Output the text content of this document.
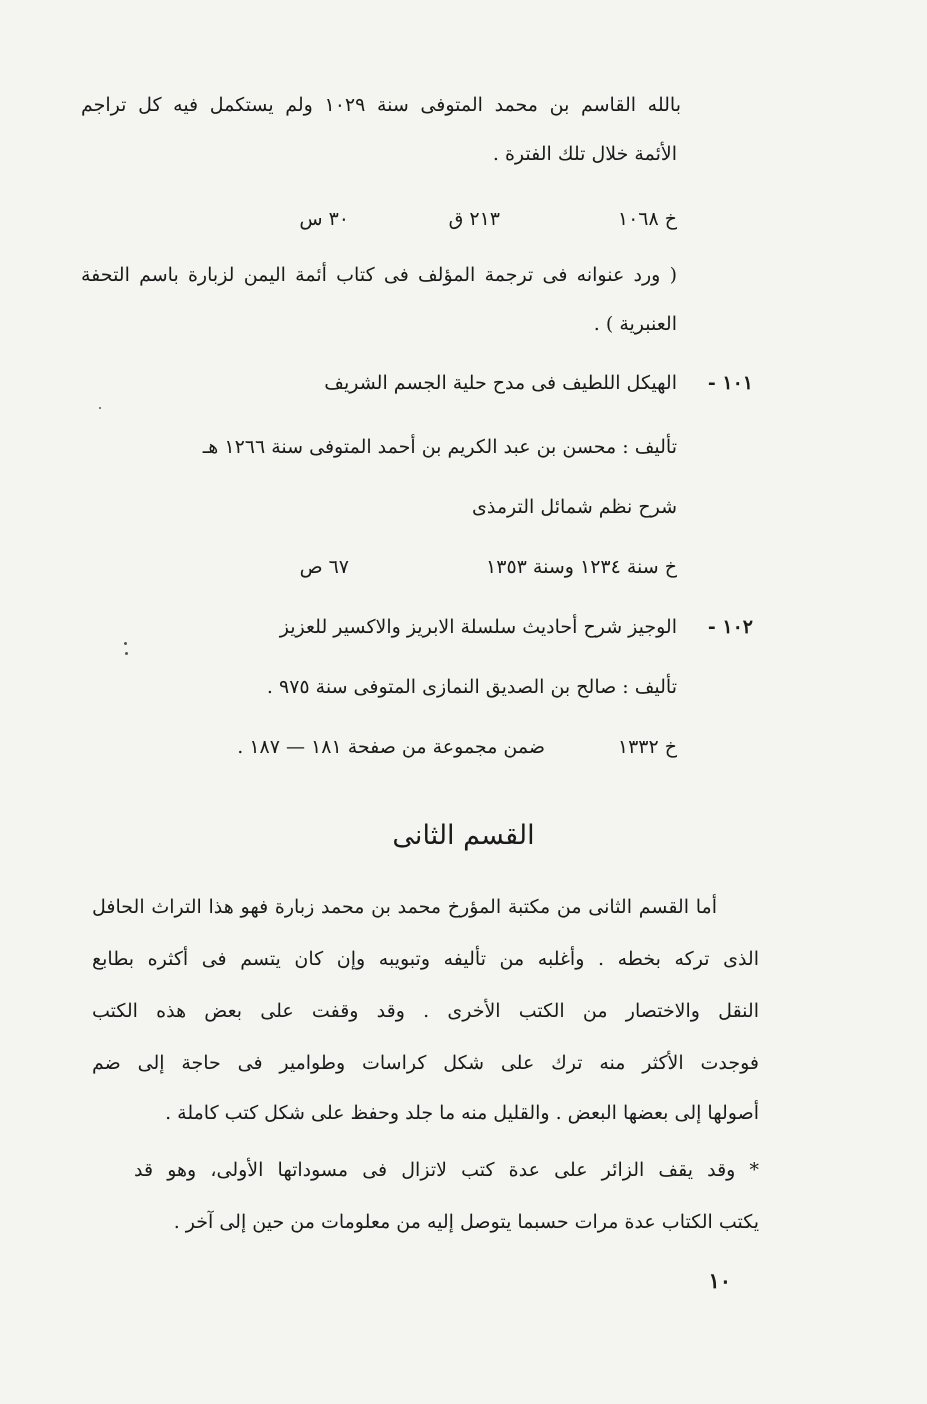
بالله القاسم بن محمد المتوفى سنة ١٠٢٩ ولم يستكمل فيه كل تراجم
الأئمة خلال تلك الفترة .
خ ١٠٦٨
٢١٣ ق
٣٠ س
( ورد عنوانه فى ترجمة المؤلف فى كتاب أئمة اليمن لزبارة باسم التحفة
العنبرية ) .
١٠١ -
الهيكل اللطيف فى مدح حلية الجسم الشريف
تأليف : محسن بن عبد الكريم بن أحمد المتوفى سنة ١٢٦٦ هـ
شرح نظم شمائل الترمذى
خ سنة ١٢٣٤ وسنة ١٣٥٣
٦٧ ص
١٠٢ -
الوجيز شرح أحاديث سلسلة الابريز والاكسير للعزيز
تأليف : صالح بن الصديق النمازى المتوفى سنة ٩٧٥ .
خ ١٣٣٢
ضمن مجموعة من صفحة ١٨١ — ١٨٧ .
القسم الثانى
أما القسم الثانى من مكتبة المؤرخ محمد بن محمد زبارة فهو هذا التراث الحافل
الذى تركه بخطه . وأغلبه من تأليفه وتبويبه وإن كان يتسم فى أكثره بطابع
النقل والاختصار من الكتب الأخرى . وقد وقفت على بعض هذه الكتب
فوجدت الأكثر منه ترك على شكل كراسات وطوامير فى حاجة إلى ضم
أصولها إلى بعضها البعض . والقليل منه ما جلد وحفظ على شكل كتب كاملة .
* وقد يقف الزائر على عدة كتب لاتزال فى مسوداتها الأولى، وهو قد
يكتب الكتاب عدة مرات حسبما يتوصل إليه من معلومات من حين إلى آخر .
١٠
